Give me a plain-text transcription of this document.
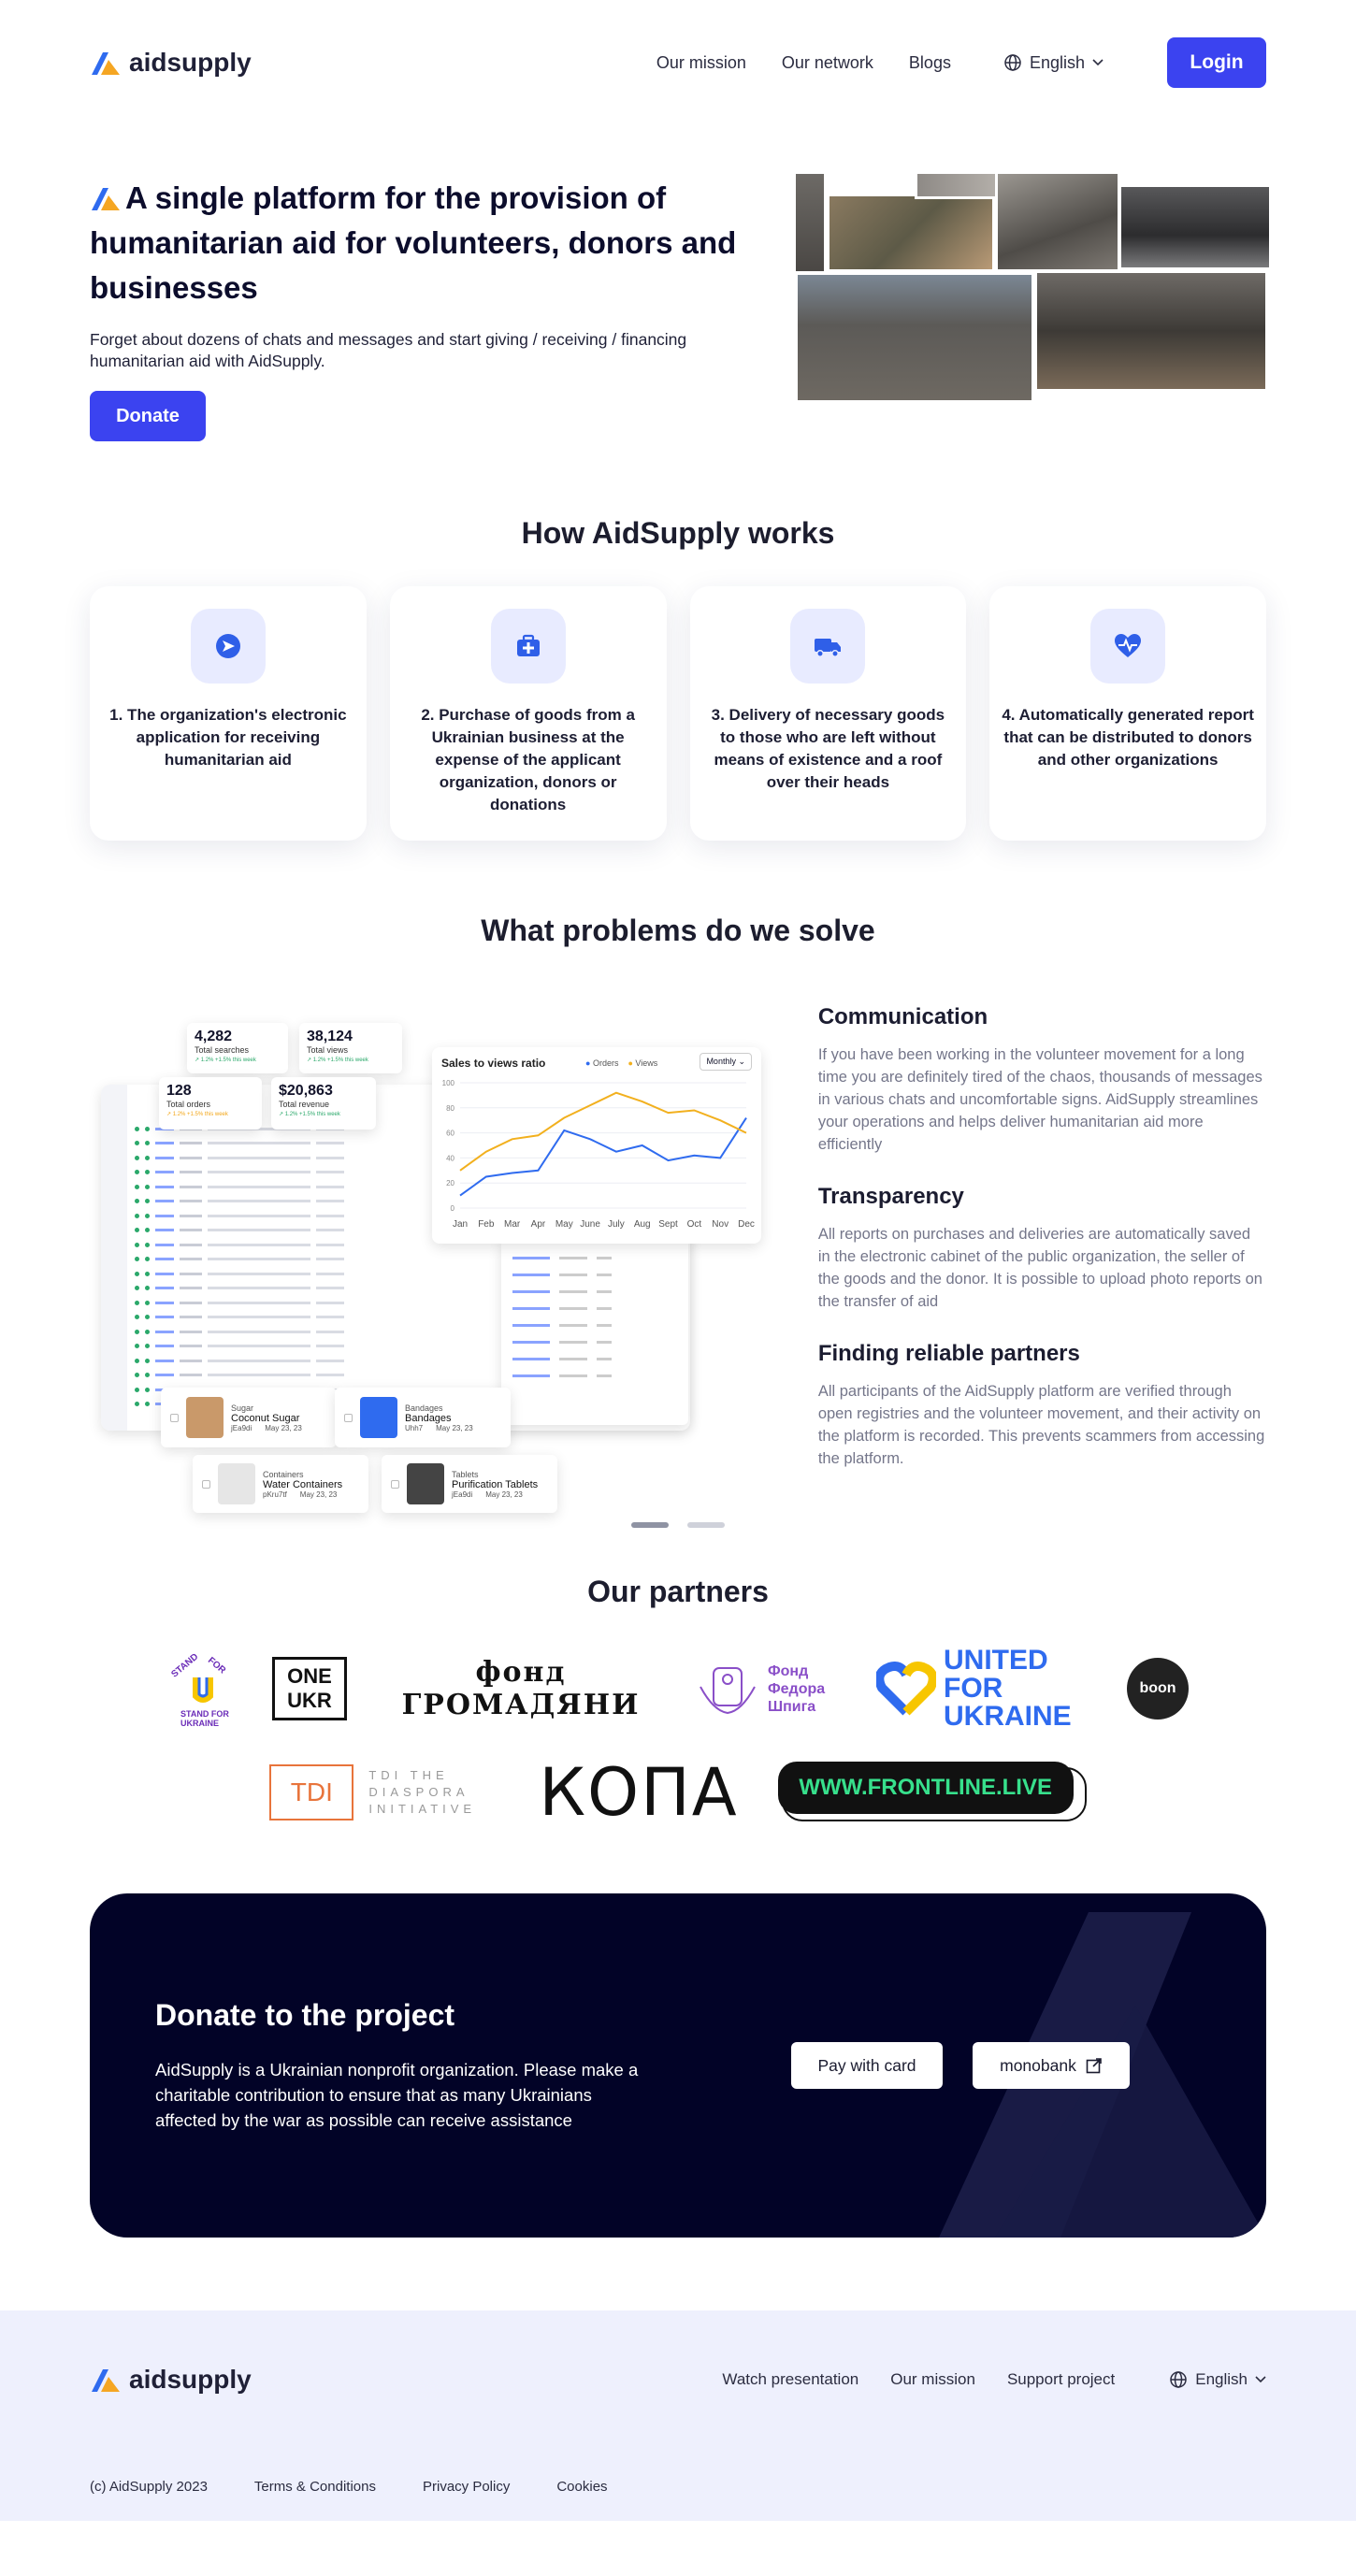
aidsupply	Our mission Our network Blogs	English	Login
A single platform for the provision of humanitarian aid for volunteers, donors and businesses

Forget about dozens of chats and messages and start giving / receiving / financing humanitarian aid with AidSupply.

Donate
How AidSupply works

1. The organization's electronic application for receiving humanitarian aid

2. Purchase of goods from a Ukrainian business at the expense of the applicant organization, donors or donations

3. Delivery of necessary goods to those who are left without means of existence and a roof over their heads

4. Automatically generated report that can be distributed to donors and other organizations

What problems do we solve
4,282
Total searches
↗ 1.2% +1.5% this week
38,124
Total views
↗ 1.2% +1.5% this week
128
Total orders
↗ 1.2% +1.5% this week
$20,863
Total revenue
↗ 1.2% +1.5% this week
Sales to views ratio	● Orders ● Views	Monthly ⌄
0
20
40
60
80
100
Jan Feb Mar Apr May June July Aug Sept Oct Nov Dec
Sugar
Coconut Sugar
jEa9di May 23, 23
Bandages
Bandages
Uhh7 May 23, 23
Containers
Water Containers
pKru7tf May 23, 23
Tablets
Purification Tablets
jEa9di May 23, 23
Communication

If you have been working in the volunteer movement for a long time you are definitely tired of the chaos, thousands of messages in various chats and uncomfortable signs. AidSupply streamlines your operations and helps deliver humanitarian aid more efficiently

Transparency

All reports on purchases and deliveries are automatically saved in the electronic cabinet of the public organization, the seller of the goods and the donor. It is possible to upload photo reports on the transfer of aid

Finding reliable partners

All participants of the AidSupply platform are verified through open registries and the volunteer movement, and their activity on the platform is recorded. This prevents scammers from accessing the platform.

Our partners
STAND FOR
STAND FOR UKRAINE
ONE UKR
фонд ГРОМАДЯНИ
Фонд Федора Шпига
UNITED FOR UKRAINE
boon
TDI
TDI THE DIASPORA INITIATIVE КОПА	WWW.FRONTLINE.LIVE
Donate to the project

AidSupply is a Ukrainian nonprofit organization. Please make a charitable contribution to ensure that as many Ukrainians affected by the war as possible can receive assistance

Pay with card	monobank
aidsupply	Watch presentation Our mission Support project	English
(c) AidSupply 2023	Terms & Conditions	Privacy Policy	Cookies
